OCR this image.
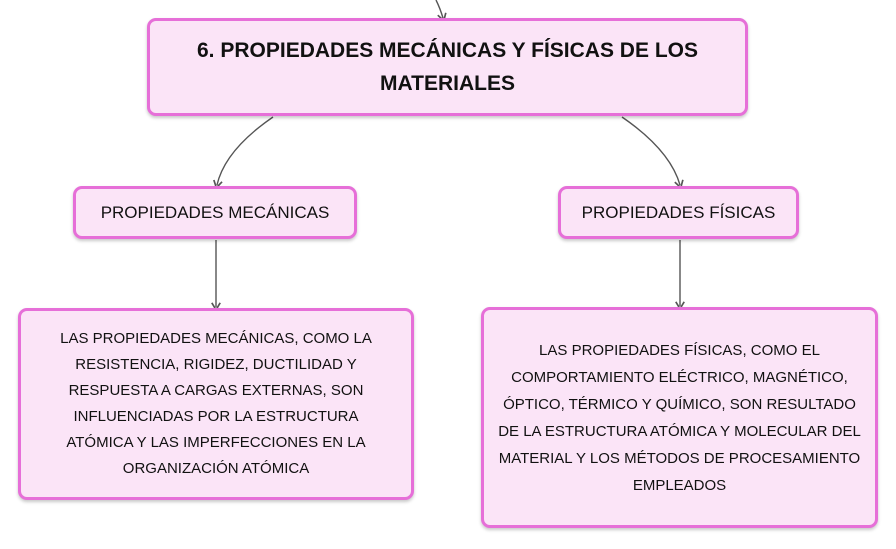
6. PROPIEDADES MECÁNICAS Y FÍSICAS DE LOS MATERIALES
PROPIEDADES MECÁNICAS	PROPIEDADES FÍSICAS
LAS PROPIEDADES MECÁNICAS, COMO LA RESISTENCIA, RIGIDEZ, DUCTILIDAD Y RESPUESTA A CARGAS EXTERNAS, SON INFLUENCIADAS POR LA ESTRUCTURA ATÓMICA Y LAS IMPERFECCIONES EN LA ORGANIZACIÓN ATÓMICA
LAS PROPIEDADES FÍSICAS, COMO EL COMPORTAMIENTO ELÉCTRICO, MAGNÉTICO, ÓPTICO, TÉRMICO Y QUÍMICO, SON RESULTADO DE LA ESTRUCTURA ATÓMICA Y MOLECULAR DEL MATERIAL Y LOS MÉTODOS DE PROCESAMIENTO EMPLEADOS
